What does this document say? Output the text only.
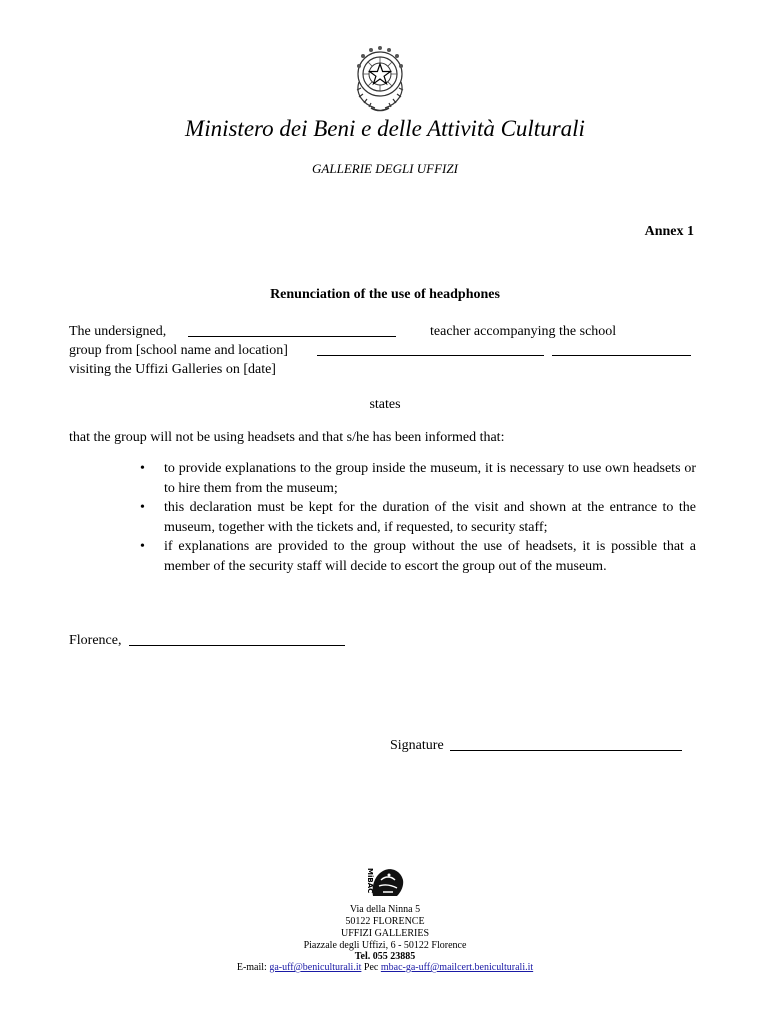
Ministero dei Beni e delle Attività Culturali
GALLERIE DEGLI UFFIZI
Annex 1
Renunciation of the use of headphones
The undersigned,	teacher accompanying the school
group from [school name and location]
visiting the Uffizi Galleries on [date]
states
that the group will not be using headsets and that s/he has been informed that:
• to provide explanations to the group inside the museum, it is necessary to use own headsets or to hire them from the museum;
• this declaration must be kept for the duration of the visit and shown at the entrance to the museum, together with the tickets and, if requested, to security staff;
• if explanations are provided to the group without the use of headsets, it is possible that a member of the security staff will decide to escort the group out of the museum.
Florence,
Signature
MiBAC
Via della Ninna 5
50122 FLORENCE
UFFIZI GALLERIES
Piazzale degli Uffizi, 6 - 50122 Florence
Tel. 055 23885
E-mail: ga-uff@beniculturali.it Pec mbac-ga-uff@mailcert.beniculturali.it
